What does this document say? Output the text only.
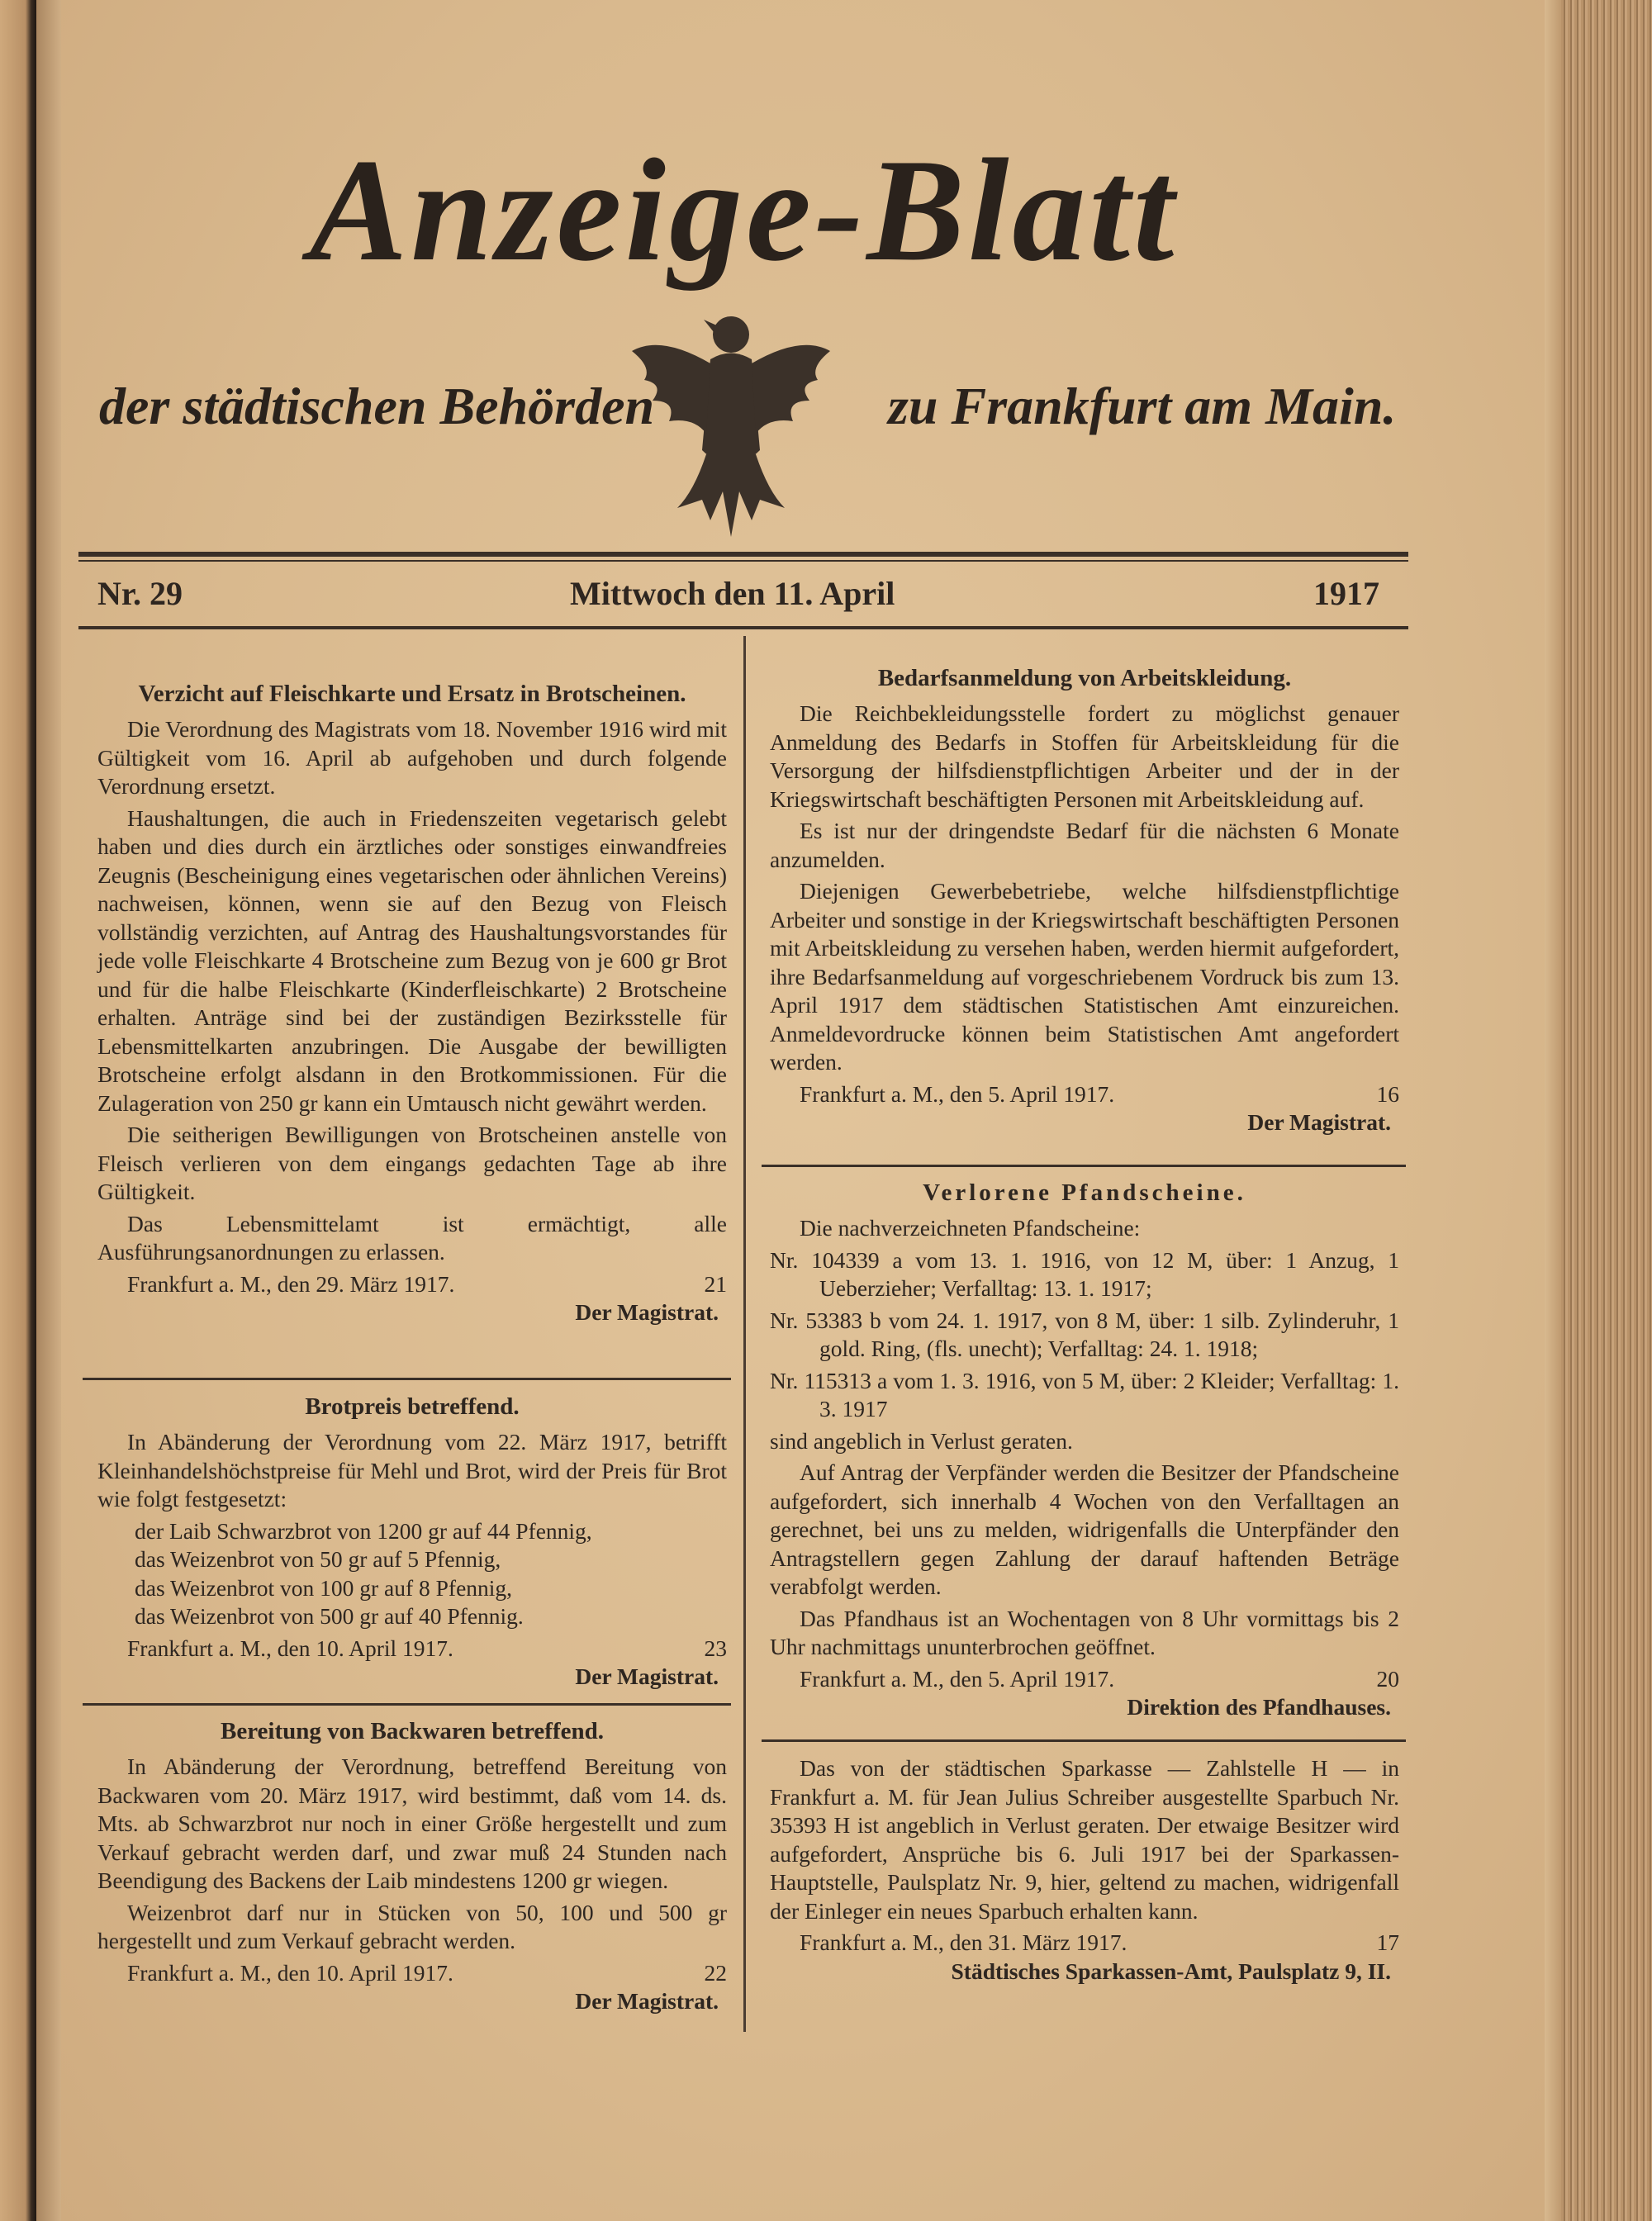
Anzeige-Blatt
der städtischen Behörden	zu Frankfurt am Main.
Nr. 29	Mittwoch den 11. April	1917
Verzicht auf Fleischkarte und Ersatz in Brotscheinen.

Die Verordnung des Magistrats vom 18. November 1916 wird mit Gültigkeit vom 16. April ab aufgehoben und durch folgende Verordnung ersetzt.

Haushaltungen, die auch in Friedenszeiten vegetarisch gelebt haben und dies durch ein ärztliches oder sonstiges einwandfreies Zeugnis (Bescheinigung eines vegetarischen oder ähnlichen Vereins) nachweisen, können, wenn sie auf den Bezug von Fleisch vollständig verzichten, auf Antrag des Haushaltungsvorstandes für jede volle Fleischkarte 4 Brotscheine zum Bezug von je 600 gr Brot und für die halbe Fleischkarte (Kinderfleischkarte) 2 Brotscheine erhalten. Anträge sind bei der zuständigen Bezirksstelle für Lebensmittelkarten anzubringen. Die Ausgabe der bewilligten Brotscheine erfolgt alsdann in den Brotkommissionen. Für die Zulageration von 250 gr kann ein Umtausch nicht gewährt werden.

Die seitherigen Bewilligungen von Brotscheinen anstelle von Fleisch verlieren von dem eingangs gedachten Tage ab ihre Gültigkeit.

Das Lebensmittelamt ist ermächtigt, alle Ausführungsanordnungen zu erlassen.

Frankfurt a. M., den 29. März 1917.	21
Der Magistrat.
Brotpreis betreffend.

In Abänderung der Verordnung vom 22. März 1917, betrifft Kleinhandelshöchstpreise für Mehl und Brot, wird der Preis für Brot wie folgt festgesetzt:

der Laib Schwarzbrot von 1200 gr auf 44 Pfennig,
das Weizenbrot von 50 gr auf 5 Pfennig,
das Weizenbrot von 100 gr auf 8 Pfennig,
das Weizenbrot von 500 gr auf 40 Pfennig.
Frankfurt a. M., den 10. April 1917.	23
Der Magistrat.
Bereitung von Backwaren betreffend.

In Abänderung der Verordnung, betreffend Bereitung von Backwaren vom 20. März 1917, wird bestimmt, daß vom 14. ds. Mts. ab Schwarzbrot nur noch in einer Größe hergestellt und zum Verkauf gebracht werden darf, und zwar muß 24 Stunden nach Beendigung des Backens der Laib mindestens 1200 gr wiegen.

Weizenbrot darf nur in Stücken von 50, 100 und 500 gr hergestellt und zum Verkauf gebracht werden.

Frankfurt a. M., den 10. April 1917.	22
Der Magistrat.
Bedarfsanmeldung von Arbeitskleidung.

Die Reichbekleidungsstelle fordert zu möglichst genauer Anmeldung des Bedarfs in Stoffen für Arbeitskleidung für die Versorgung der hilfsdienstpflichtigen Arbeiter und der in der Kriegswirtschaft beschäftigten Personen mit Arbeitskleidung auf.

Es ist nur der dringendste Bedarf für die nächsten 6 Monate anzumelden.

Diejenigen Gewerbebetriebe, welche hilfsdienstpflichtige Arbeiter und sonstige in der Kriegswirtschaft beschäftigten Personen mit Arbeitskleidung zu versehen haben, werden hiermit aufgefordert, ihre Bedarfsanmeldung auf vorgeschriebenem Vordruck bis zum 13. April 1917 dem städtischen Statistischen Amt einzureichen. Anmeldevordrucke können beim Statistischen Amt angefordert werden.

Frankfurt a. M., den 5. April 1917.	16
Der Magistrat.
Verlorene Pfandscheine.

Die nachverzeichneten Pfandscheine:

Nr. 104339 a vom 13. 1. 1916, von 12 M, über: 1 Anzug, 1 Ueberzieher; Verfalltag: 13. 1. 1917;
Nr. 53383 b vom 24. 1. 1917, von 8 M, über: 1 silb. Zylinderuhr, 1 gold. Ring, (fls. unecht); Verfalltag: 24. 1. 1918;
Nr. 115313 a vom 1. 3. 1916, von 5 M, über: 2 Kleider; Verfalltag: 1. 3. 1917

sind angeblich in Verlust geraten.

Auf Antrag der Verpfänder werden die Besitzer der Pfandscheine aufgefordert, sich innerhalb 4 Wochen von den Verfalltagen an gerechnet, bei uns zu melden, widrigenfalls die Unterpfänder den Antragstellern gegen Zahlung der darauf haftenden Beträge verabfolgt werden.

Das Pfandhaus ist an Wochentagen von 8 Uhr vormittags bis 2 Uhr nachmittags ununterbrochen geöffnet.

Frankfurt a. M., den 5. April 1917.	20
Direktion des Pfandhauses.

Das von der städtischen Sparkasse — Zahlstelle H — in Frankfurt a. M. für Jean Julius Schreiber ausgestellte Sparbuch Nr. 35393 H ist angeblich in Verlust geraten. Der etwaige Besitzer wird aufgefordert, Ansprüche bis 6. Juli 1917 bei der Sparkassen-Hauptstelle, Paulsplatz Nr. 9, hier, geltend zu machen, widrigenfall der Einleger ein neues Sparbuch erhalten kann.

Frankfurt a. M., den 31. März 1917.	17
Städtisches Sparkassen-Amt, Paulsplatz 9, II.
